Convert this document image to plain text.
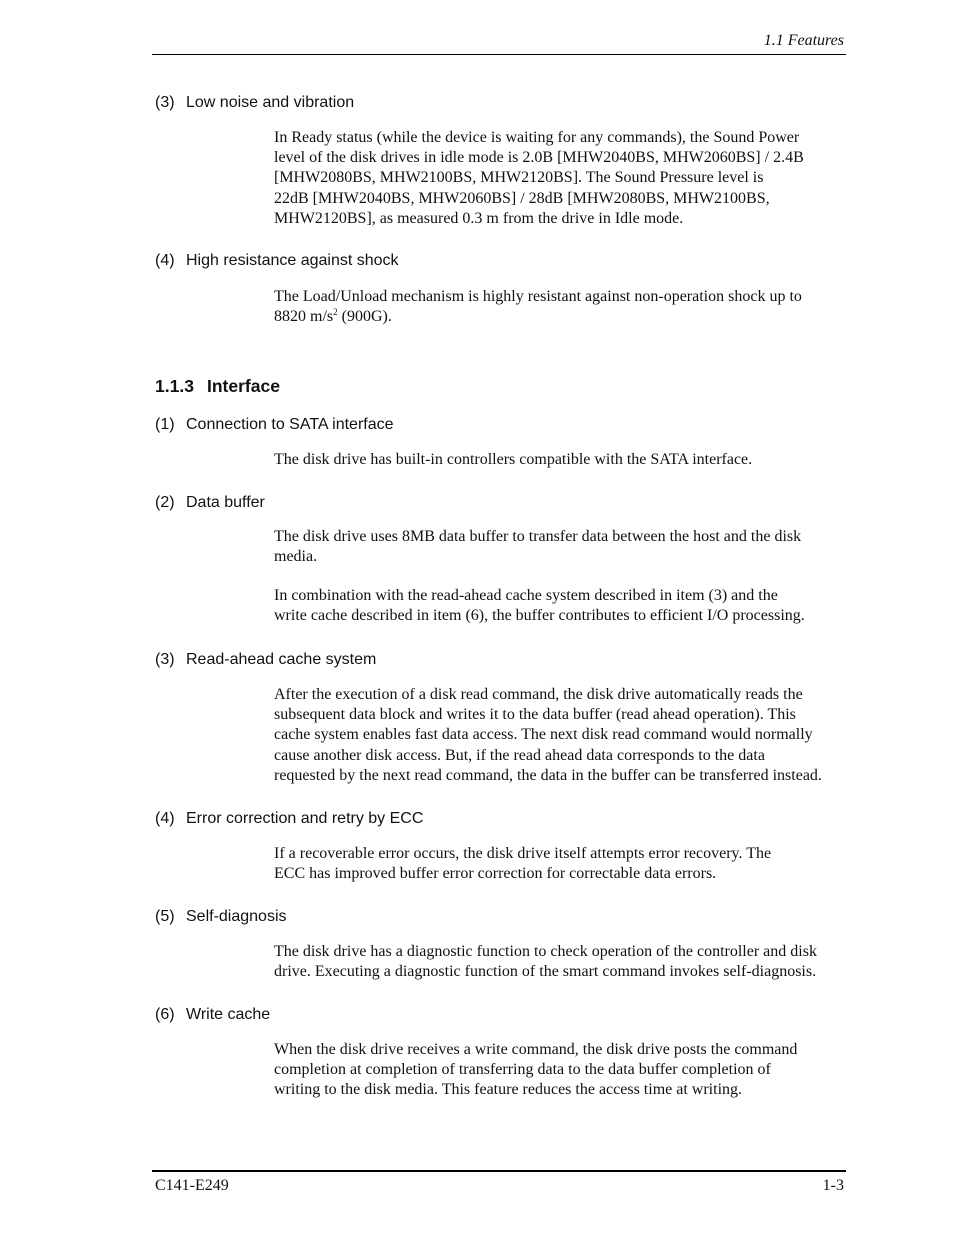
1.1 Features
(3) Low noise and vibration
In Ready status (while the device is waiting for any commands), the Sound Power
level of the disk drives in idle mode is 2.0B [MHW2040BS, MHW2060BS] / 2.4B
[MHW2080BS, MHW2100BS, MHW2120BS]. The Sound Pressure level is
22dB [MHW2040BS, MHW2060BS] / 28dB [MHW2080BS, MHW2100BS,
MHW2120BS], as measured 0.3 m from the drive in Idle mode.
(4) High resistance against shock
The Load/Unload mechanism is highly resistant against non-operation shock up to
8820 $m/s^2$ (900G).
1.1.3 Interface
(1) Connection to SATA interface
The disk drive has built-in controllers compatible with the SATA interface.
(2) Data buffer
The disk drive uses 8MB data buffer to transfer data between the host and the disk
media.
In combination with the read-ahead cache system described in item (3) and the
write cache described in item (6), the buffer contributes to efficient I/O processing.
(3) Read-ahead cache system
After the execution of a disk read command, the disk drive automatically reads the
subsequent data block and writes it to the data buffer (read ahead operation). This
cache system enables fast data access. The next disk read command would normally
cause another disk access. But, if the read ahead data corresponds to the data
requested by the next read command, the data in the buffer can be transferred instead.
(4) Error correction and retry by ECC
If a recoverable error occurs, the disk drive itself attempts error recovery. The
ECC has improved buffer error correction for correctable data errors.
(5) Self-diagnosis
The disk drive has a diagnostic function to check operation of the controller and disk
drive. Executing a diagnostic function of the smart command invokes self-diagnosis.
(6) Write cache
When the disk drive receives a write command, the disk drive posts the command
completion at completion of transferring data to the data buffer completion of
writing to the disk media. This feature reduces the access time at writing.
C141-E249	1-3
